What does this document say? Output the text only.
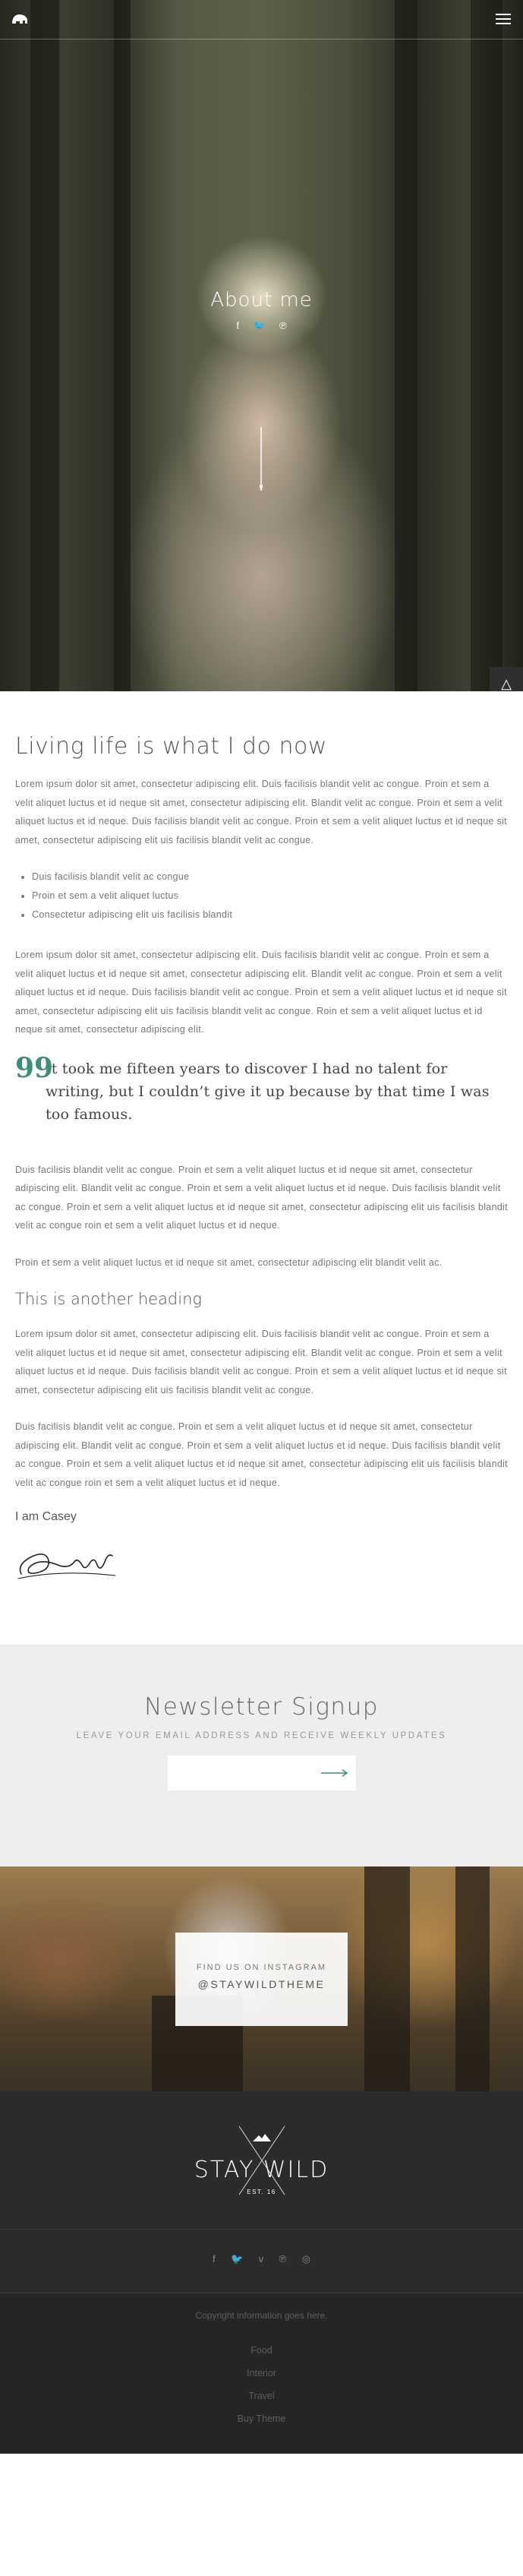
About me
f 🐦 ℗
△
Living life is what I do now

Lorem ipsum dolor sit amet, consectetur adipiscing elit. Duis facilisis blandit velit ac congue. Proin et sem a velit aliquet luctus et id neque sit amet, consectetur adipiscing elit. Blandit velit ac congue. Proin et sem a velit aliquet luctus et id neque. Duis facilisis blandit velit ac congue. Proin et sem a velit aliquet luctus et id neque sit amet, consectetur adipiscing elit uis facilisis blandit velit ac congue.

• Duis facilisis blandit velit ac congue
• Proin et sem a velit aliquet luctus
• Consectetur adipiscing elit uis facilisis blandit

Lorem ipsum dolor sit amet, consectetur adipiscing elit. Duis facilisis blandit velit ac congue. Proin et sem a velit aliquet luctus et id neque sit amet, consectetur adipiscing elit. Blandit velit ac congue. Proin et sem a velit aliquet luctus et id neque. Duis facilisis blandit velit ac congue. Proin et sem a velit aliquet luctus et id neque sit amet, consectetur adipiscing elit uis facilisis blandit velit ac congue. Roin et sem a velit aliquet luctus et id neque sit amet, consectetur adipiscing elit.

99

It took me fifteen years to discover I had no talent for writing, but I couldn’t give it up because by that time I was too famous.

Duis facilisis blandit velit ac congue. Proin et sem a velit aliquet luctus et id neque sit amet, consectetur adipiscing elit. Blandit velit ac congue. Proin et sem a velit aliquet luctus et id neque. Duis facilisis blandit velit ac congue. Proin et sem a velit aliquet luctus et id neque sit amet, consectetur adipiscing elit uis facilisis blandit velit ac congue roin et sem a velit aliquet luctus et id neque.

Proin et sem a velit aliquet luctus et id neque sit amet, consectetur adipiscing elit blandit velit ac.

This is another heading

Lorem ipsum dolor sit amet, consectetur adipiscing elit. Duis facilisis blandit velit ac congue. Proin et sem a velit aliquet luctus et id neque sit amet, consectetur adipiscing elit. Blandit velit ac congue. Proin et sem a velit aliquet luctus et id neque. Duis facilisis blandit velit ac congue. Proin et sem a velit aliquet luctus et id neque sit amet, consectetur adipiscing elit uis facilisis blandit velit ac congue.

Duis facilisis blandit velit ac congue. Proin et sem a velit aliquet luctus et id neque sit amet, consectetur adipiscing elit. Blandit velit ac congue. Proin et sem a velit aliquet luctus et id neque. Duis facilisis blandit velit ac congue. Proin et sem a velit aliquet luctus et id neque sit amet, consectetur adipiscing elit uis facilisis blandit velit ac congue roin et sem a velit aliquet luctus et id neque.

I am Casey
Newsletter Signup
LEAVE YOUR EMAIL ADDRESS AND RECEIVE WEEKLY UPDATES
FIND US ON INSTAGRAM
@STAYWILDTHEME
STAY WILD
EST. 16
f 🐦 v ℗ ◎
Copyright information goes here.
Food
Interior
Travel
Buy Theme
